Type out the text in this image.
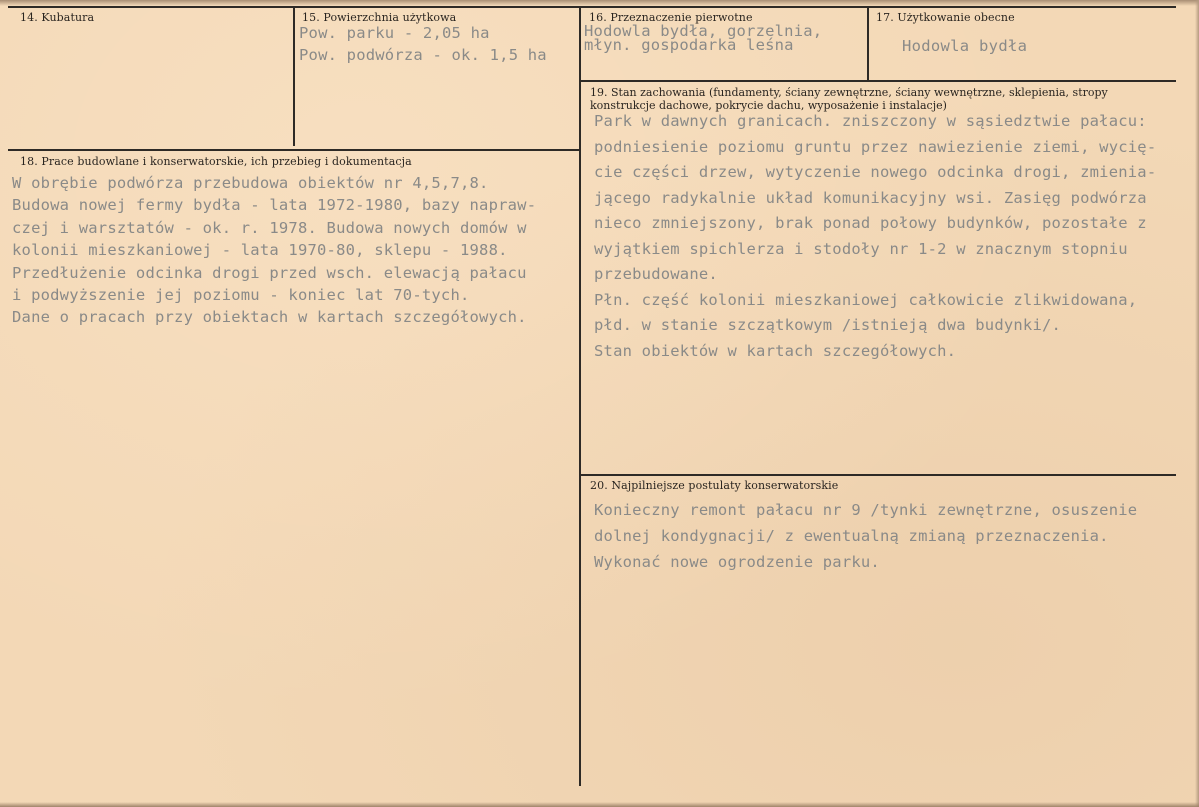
14. Kubatura	15. Powierzchnia użytkowa
Pow. parku - 2,05 ha
Pow. podwórza - ok. 1,5 ha
16. Przeznaczenie pierwotne
Hodowla bydła, gorzelnia,
młyn. gospodarka leśna
17. Użytkowanie obecne
Hodowla bydła
18. Prace budowlane i konserwatorskie, ich przebieg i dokumentacja
W obrębie podwórza przebudowa obiektów nr 4,5,7,8.
Budowa nowej fermy bydła - lata 1972-1980, bazy napraw-
czej i warsztatów - ok. r. 1978. Budowa nowych domów w
kolonii mieszkaniowej - lata 1970-80, sklepu - 1988.
Przedłużenie odcinka drogi przed wsch. elewacją pałacu
i podwyższenie jej poziomu - koniec lat 70-tych.
Dane o pracach przy obiektach w kartach szczegółowych.
19. Stan zachowania (fundamenty, ściany zewnętrzne, ściany wewnętrzne, sklepienia, stropy konstrukcje dachowe, pokrycie dachu, wyposażenie i instalacje)
Park w dawnych granicach. zniszczony w sąsiedztwie pałacu:
podniesienie poziomu gruntu przez nawiezienie ziemi, wycię-
cie części drzew, wytyczenie nowego odcinka drogi, zmienia-
jącego radykalnie układ komunikacyjny wsi. Zasięg podwórza
nieco zmniejszony, brak ponad połowy budynków, pozostałe z
wyjątkiem spichlerza i stodoły nr 1-2 w znacznym stopniu
przebudowane.
Płn. część kolonii mieszkaniowej całkowicie zlikwidowana,
płd. w stanie szczątkowym /istnieją dwa budynki/.
Stan obiektów w kartach szczegółowych.
20. Najpilniejsze postulaty konserwatorskie
Konieczny remont pałacu nr 9 /tynki zewnętrzne, osuszenie
dolnej kondygnacji/ z ewentualną zmianą przeznaczenia.
Wykonać nowe ogrodzenie parku.
